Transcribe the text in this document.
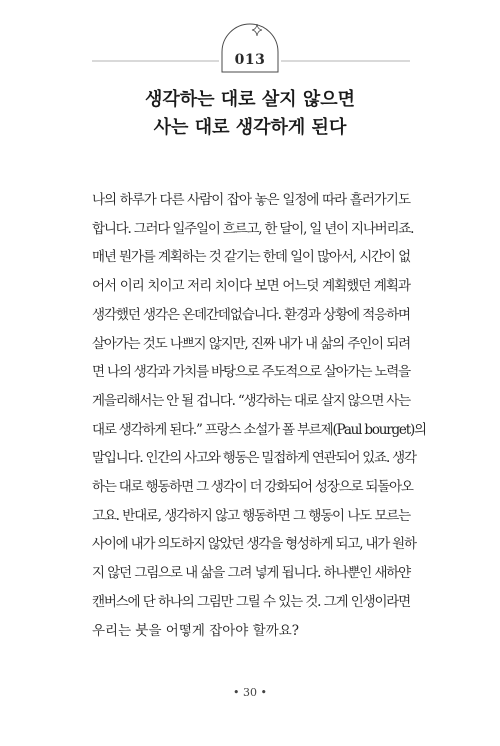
013
생각하는 대로 살지 않으면
사는 대로 생각하게 된다
나의 하루가 다른 사람이 잡아 놓은 일정에 따라 흘러가기도
합니다. 그러다 일주일이 흐르고, 한 달이, 일 년이 지나버리죠.
매년 뭔가를 계획하는 것 같기는 한데 일이 많아서, 시간이 없
어서 이리 치이고 저리 치이다 보면 어느덧 계획했던 계획과
생각했던 생각은 온데간데없습니다. 환경과 상황에 적응하며
살아가는 것도 나쁘지 않지만, 진짜 내가 내 삶의 주인이 되려
면 나의 생각과 가치를 바탕으로 주도적으로 살아가는 노력을
게을리해서는 안 될 겁니다. “생각하는 대로 살지 않으면 사는
대로 생각하게 된다.” 프랑스 소설가 폴 부르제(Paul bourget)의
말입니다. 인간의 사고와 행동은 밀접하게 연관되어 있죠. 생각
하는 대로 행동하면 그 생각이 더 강화되어 성장으로 되돌아오
고요. 반대로, 생각하지 않고 행동하면 그 행동이 나도 모르는
사이에 내가 의도하지 않았던 생각을 형성하게 되고, 내가 원하
지 않던 그림으로 내 삶을 그려 넣게 됩니다. 하나뿐인 새하얀
캔버스에 단 하나의 그림만 그릴 수 있는 것. 그게 인생이라면
우리는 붓을 어떻게 잡아야 할까요?
• 30 •
